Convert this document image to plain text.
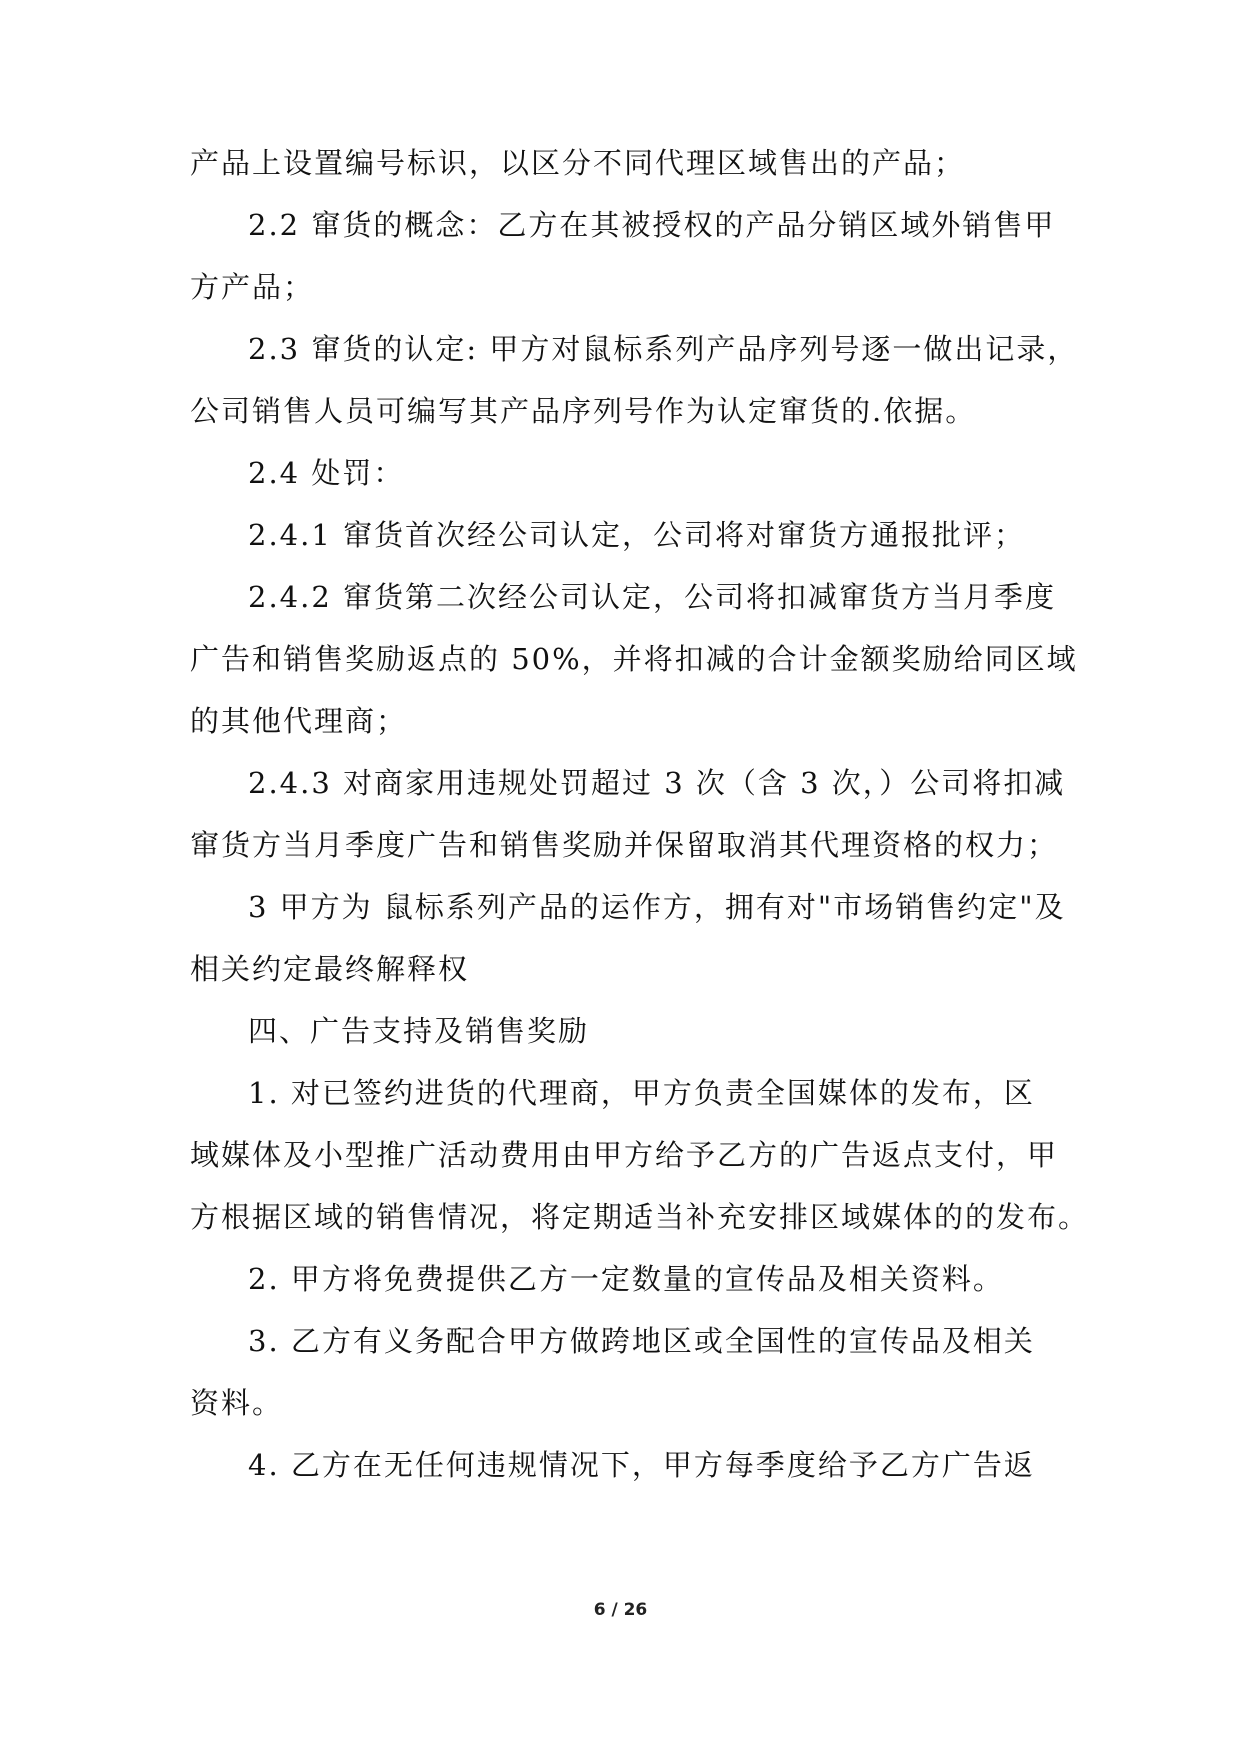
产品上设置编号标识，以区分不同代理区域售出的产品；
2.2 窜货的概念：乙方在其被授权的产品分销区域外销售甲
方产品；
2.3 窜货的认定: 甲方对鼠标系列产品序列号逐一做出记录，
公司销售人员可编写其产品序列号作为认定窜货的.依据。
2.4 处罚：
2.4.1 窜货首次经公司认定，公司将对窜货方通报批评；
2.4.2 窜货第二次经公司认定，公司将扣减窜货方当月季度
广告和销售奖励返点的 50%，并将扣减的合计金额奖励给同区域
的其他代理商；
2.4.3 对商家用违规处罚超过 3 次（含 3 次，）公司将扣减
窜货方当月季度广告和销售奖励并保留取消其代理资格的权力；
3 甲方为 鼠标系列产品的运作方，拥有对"市场销售约定"及
相关约定最终解释权
四、广告支持及销售奖励
1. 对已签约进货的代理商，甲方负责全国媒体的发布，区
域媒体及小型推广活动费用由甲方给予乙方的广告返点支付，甲
方根据区域的销售情况，将定期适当补充安排区域媒体的的发布。
2. 甲方将免费提供乙方一定数量的宣传品及相关资料。
3. 乙方有义务配合甲方做跨地区或全国性的宣传品及相关
资料。
4. 乙方在无任何违规情况下，甲方每季度给予乙方广告返
6 / 26
